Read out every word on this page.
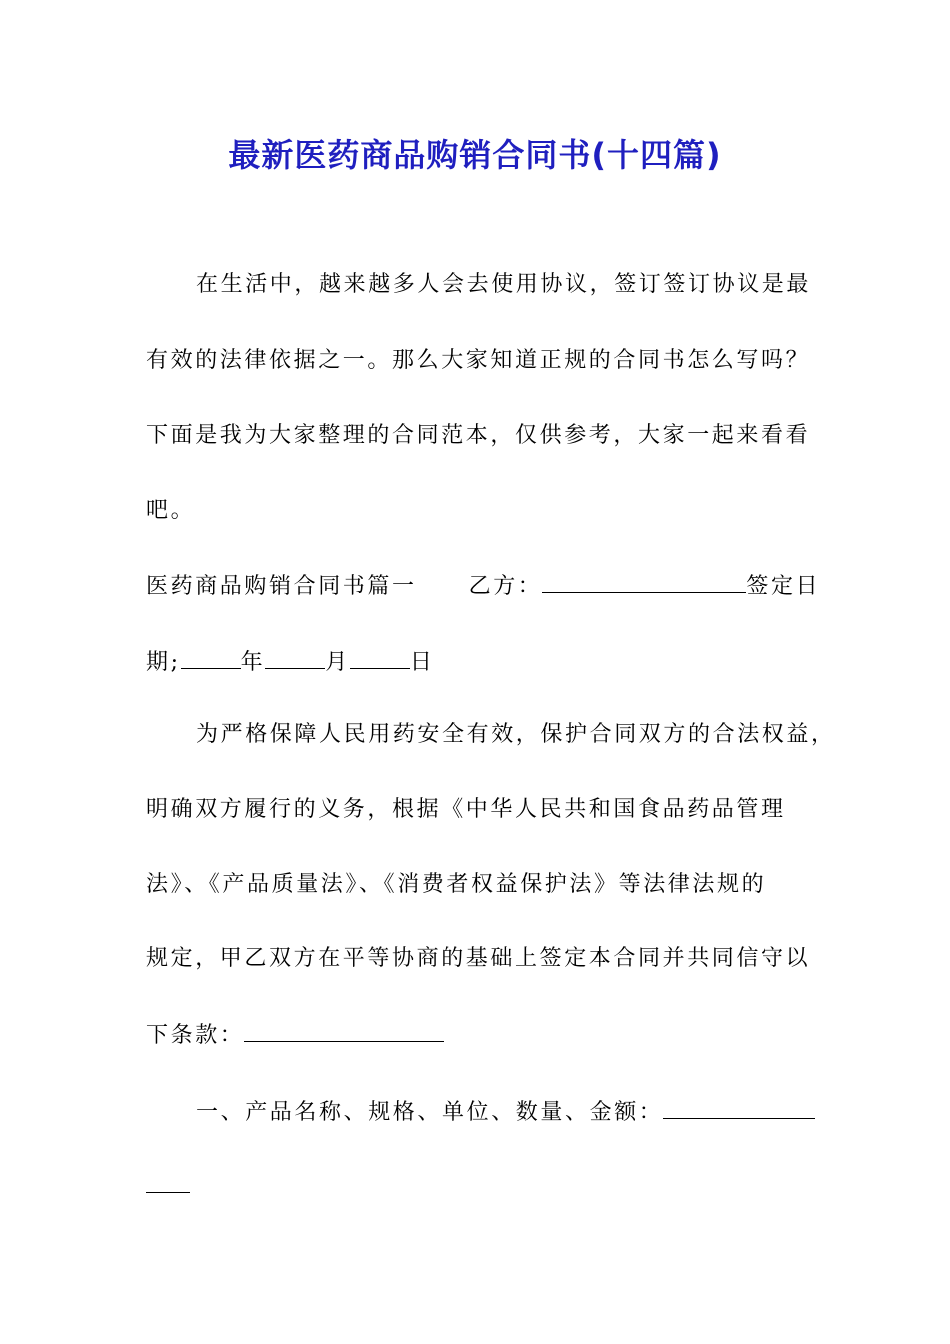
最新医药商品购销合同书(十四篇)
在生活中，越来越多人会去使用协议，签订签订协议是最
有效的法律依据之一。那么大家知道正规的合同书怎么写吗？
下面是我为大家整理的合同范本，仅供参考，大家一起来看看
吧。
医药商品购销合同书篇一 乙方：	签定日
期;	年	月	日
为严格保障人民用药安全有效，保护合同双方的合法权益，
明确双方履行的义务，根据《中华人民共和国食品药品管理
法》、《产品质量法》、《消费者权益保护法》等法律法规的
规定，甲乙双方在平等协商的基础上签定本合同并共同信守以
下条款：
一、产品名称、规格、单位、数量、金额：
